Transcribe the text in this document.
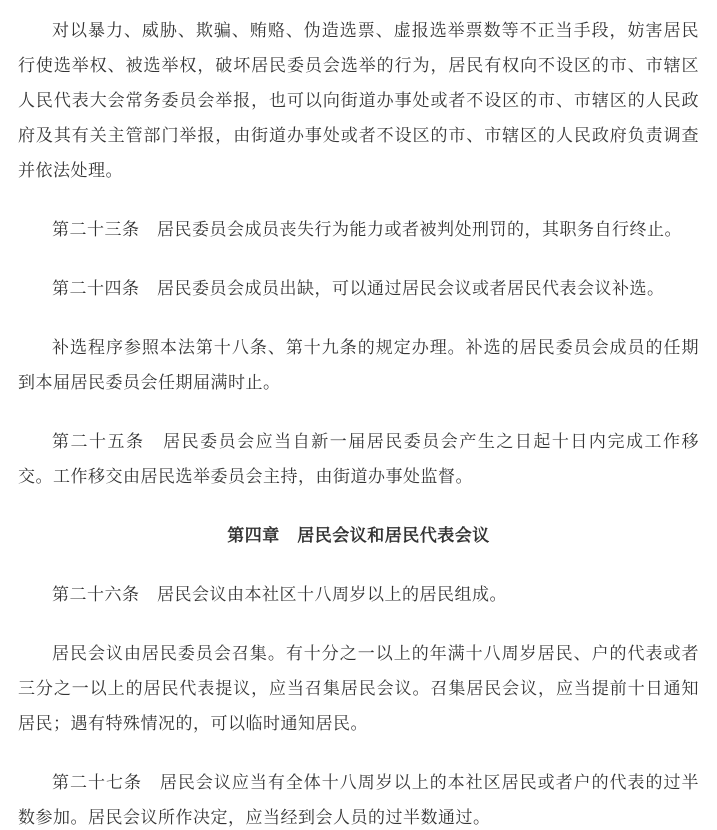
对以暴力、威胁、欺骗、贿赂、伪造选票、虚报选举票数等不正当手段，妨害居民行使选举权、被选举权，破坏居民委员会选举的行为，居民有权向不设区的市、市辖区人民代表大会常务委员会举报，也可以向街道办事处或者不设区的市、市辖区的人民政府及其有关主管部门举报，由街道办事处或者不设区的市、市辖区的人民政府负责调查并依法处理。

第二十三条　居民委员会成员丧失行为能力或者被判处刑罚的，其职务自行终止。

第二十四条　居民委员会成员出缺，可以通过居民会议或者居民代表会议补选。

补选程序参照本法第十八条、第十九条的规定办理。补选的居民委员会成员的任期到本届居民委员会任期届满时止。

第二十五条　居民委员会应当自新一届居民委员会产生之日起十日内完成工作移交。工作移交由居民选举委员会主持，由街道办事处监督。

第四章　居民会议和居民代表会议

第二十六条　居民会议由本社区十八周岁以上的居民组成。

居民会议由居民委员会召集。有十分之一以上的年满十八周岁居民、户的代表或者三分之一以上的居民代表提议，应当召集居民会议。召集居民会议，应当提前十日通知居民；遇有特殊情况的，可以临时通知居民。

第二十七条　居民会议应当有全体十八周岁以上的本社区居民或者户的代表的过半数参加。居民会议所作决定，应当经到会人员的过半数通过。
